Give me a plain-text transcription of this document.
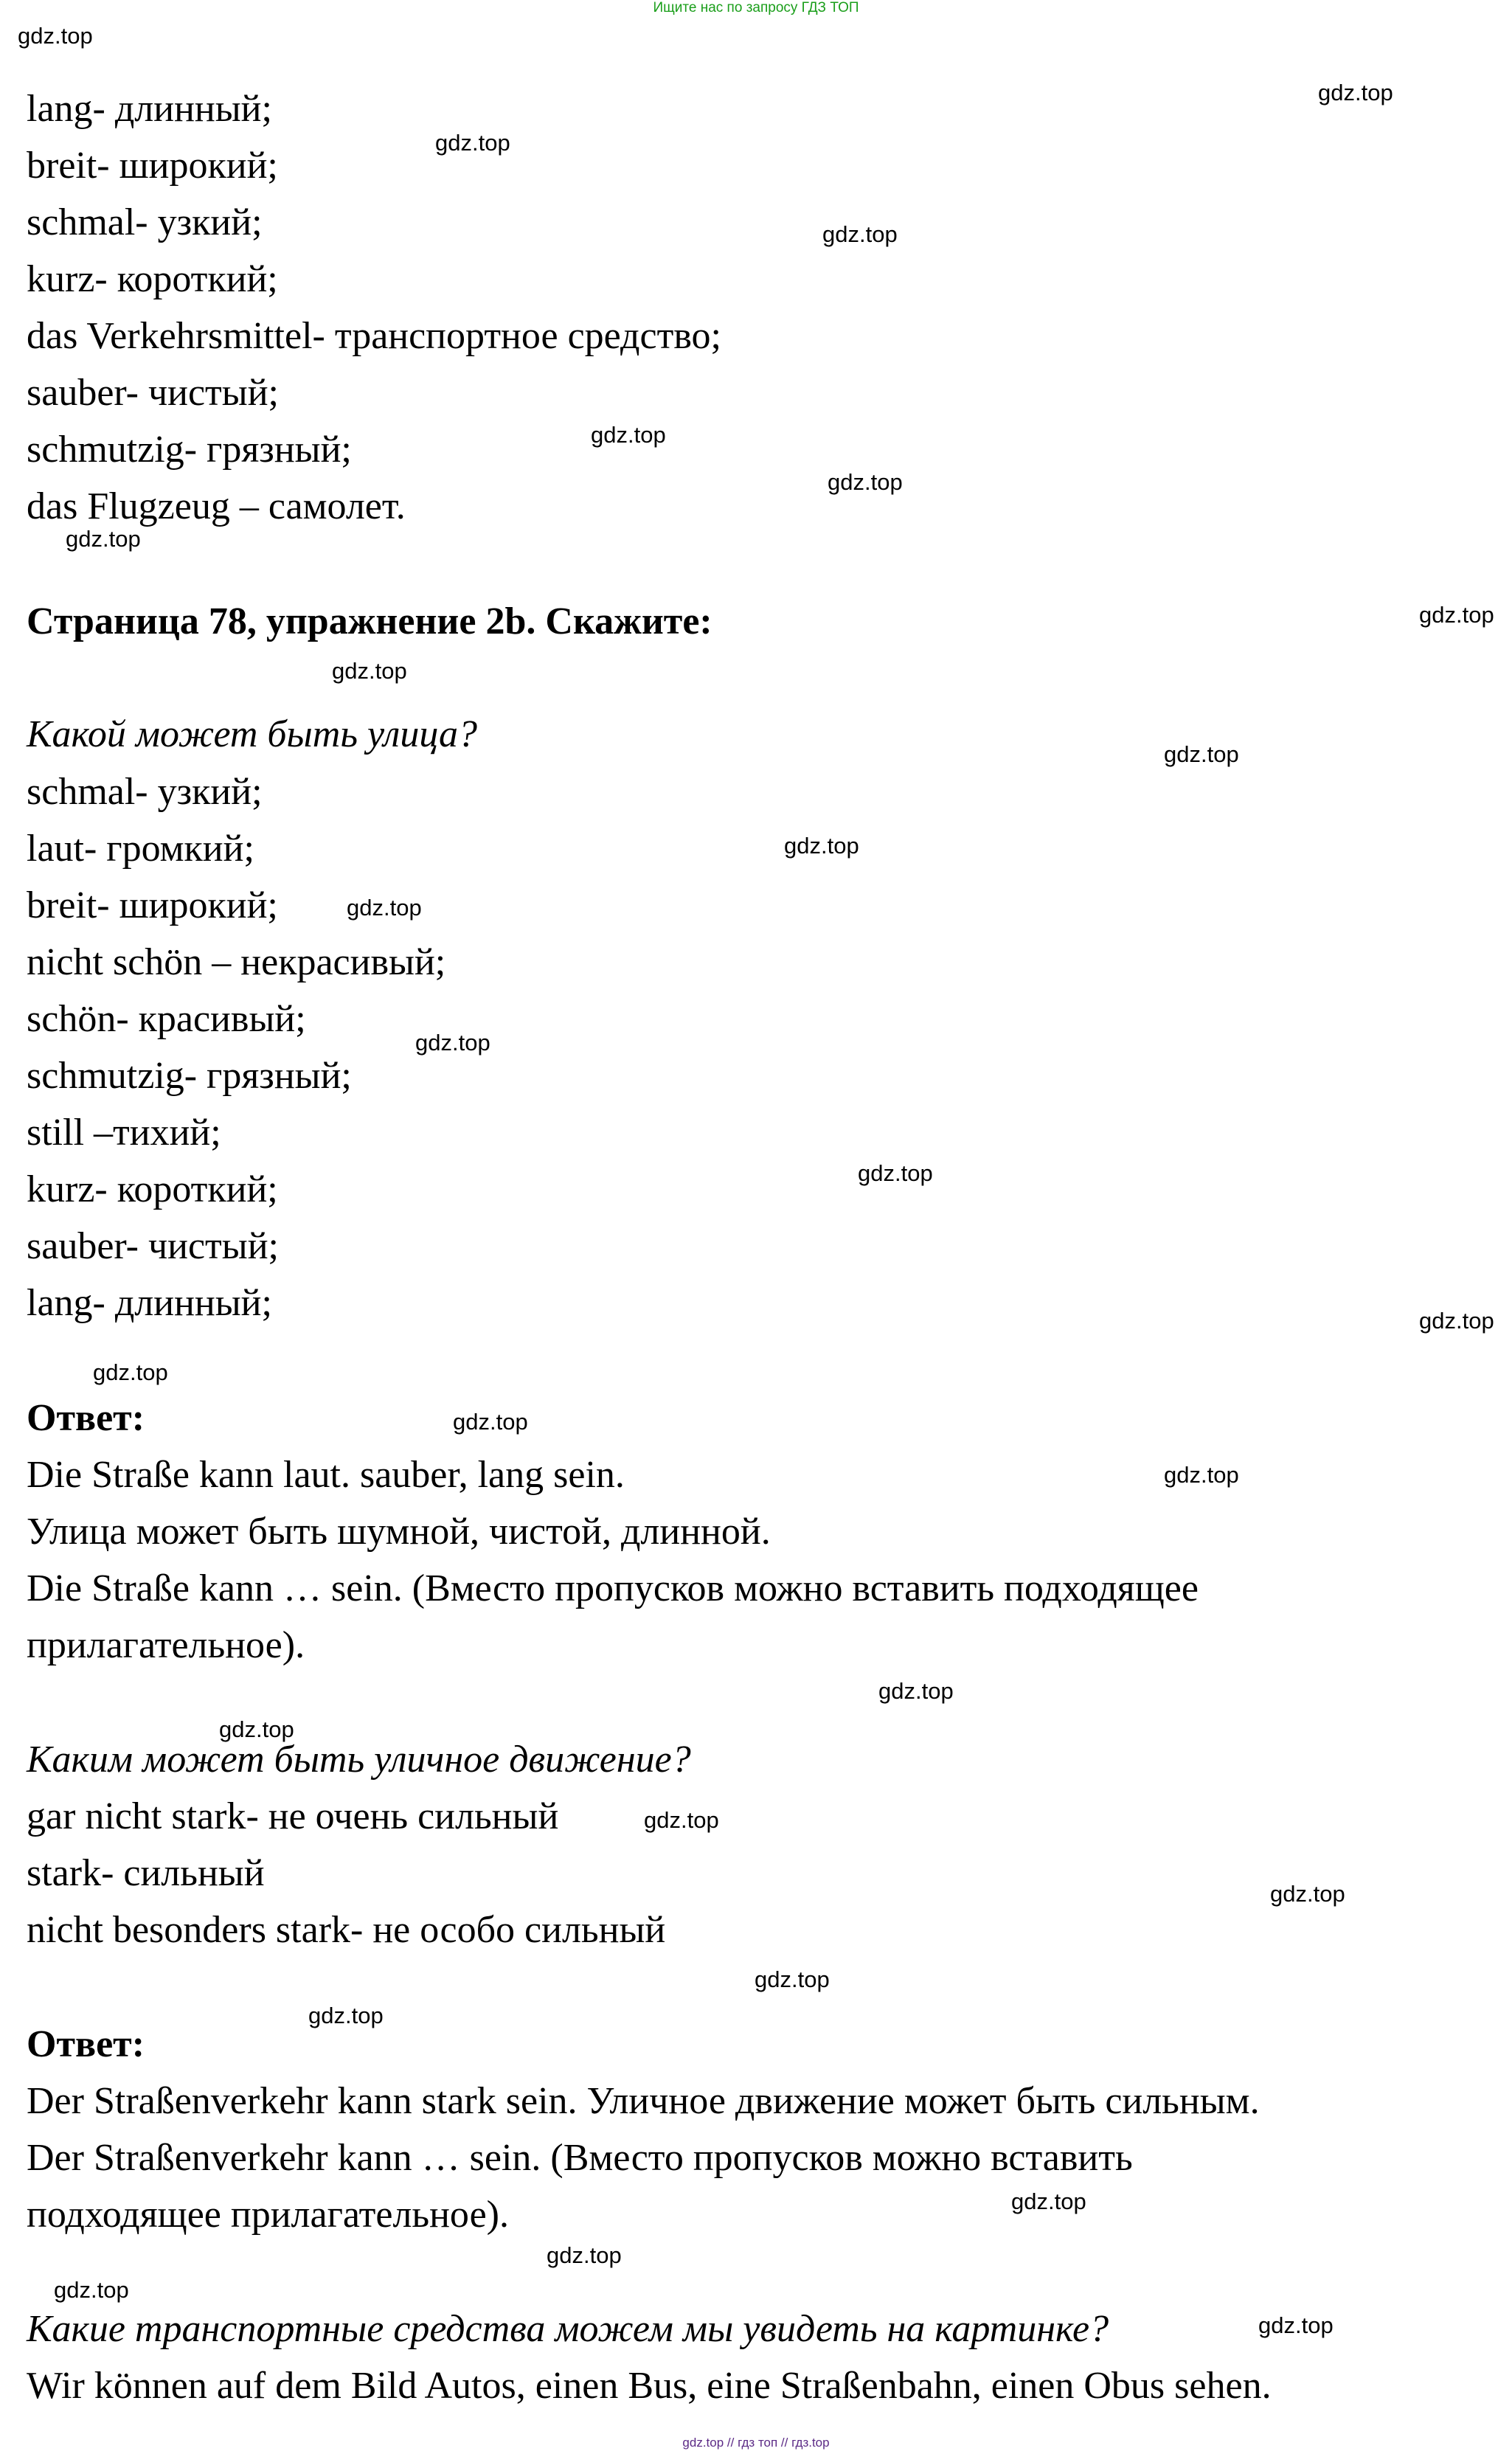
Ищите нас по запросу ГДЗ ТОП
lang- длинный;
breit- широкий;
schmal- узкий;
kurz- короткий;
das Verkehrsmittel- транспортное средство;
sauber- чистый;
schmutzig- грязный;
das Flugzeug – самолет.
Страница 78, упражнение 2b. Скажите:
Какой может быть улица?
schmal- узкий;
laut- громкий;
breit- широкий;
nicht schön – некрасивый;
schön- красивый;
schmutzig- грязный;
still –тихий;
kurz- короткий;
sauber- чистый;
lang- длинный;
Ответ:
Die Straße kann laut. sauber, lang sein.
Улица может быть шумной, чистой, длинной.
Die Straße kann … sein. (Вместо пропусков можно вставить подходящее
прилагательное).
Каким может быть уличное движение?
gar nicht stark- не очень сильный
stark- сильный
nicht besonders stark- не особо сильный
Ответ:
Der Straßenverkehr kann stark sein. Уличное движение может быть сильным.
Der Straßenverkehr kann … sein. (Вместо пропусков можно вставить
подходящее прилагательное).
Какие транспортные средства можем мы увидеть на картинке?
Wir können auf dem Bild Autos, einen Bus, eine Straßenbahn, einen Obus sehen.
gdz.top
gdz.top
gdz.top
gdz.top
gdz.top
gdz.top
gdz.top
gdz.top
gdz.top
gdz.top
gdz.top
gdz.top
gdz.top
gdz.top
gdz.top
gdz.top
gdz.top
gdz.top
gdz.top
gdz.top
gdz.top
gdz.top
gdz.top
gdz.top
gdz.top
gdz.top
gdz.top
gdz.top
gdz.top // гдз топ // гдз.top
